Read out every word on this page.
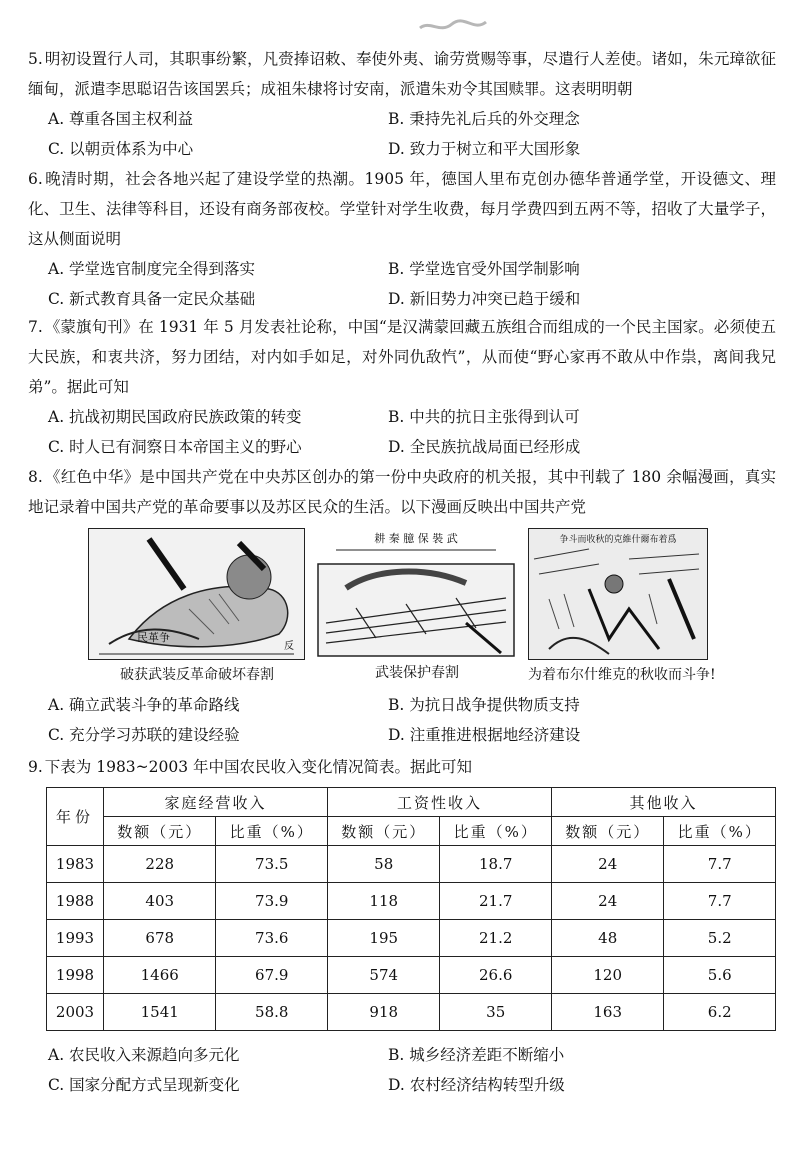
5. 明初设置行人司，其职事纷繁，凡赍捧诏敕、奉使外夷、谕劳赏赐等事，尽遣行人差使。诸如，朱元璋欲征缅甸，派遣李思聪诏告该国罢兵；成祖朱棣将讨安南，派遣朱劝令其国赎罪。这表明明朝

A. 尊重各国主权利益	B. 秉持先礼后兵的外交理念
C. 以朝贡体系为中心	D. 致力于树立和平大国形象

6. 晚清时期，社会各地兴起了建设学堂的热潮。1905 年，德国人里布克创办德华普通学堂，开设德文、理化、卫生、法律等科目，还设有商务部夜校。学堂针对学生收费，每月学费四到五两不等，招收了大量学子，这从侧面说明

A. 学堂选官制度完全得到落实	B. 学堂选官受外国学制影响
C. 新式教育具备一定民众基础	D. 新旧势力冲突已趋于缓和

7. 《蒙旗旬刊》在 1931 年 5 月发表社论称，中国“是汉满蒙回藏五族组合而组成的一个民主国家。必须使五大民族，和衷共济，努力团结，对内如手如足，对外同仇敌忾”，从而使“野心家再不敢从中作祟，离间我兄弟”。据此可知

A. 抗战初期民国政府民族政策的转变	B. 中共的抗日主张得到认可
C. 时人已有洞察日本帝国主义的野心	D. 全民族抗战局面已经形成

8. 《红色中华》是中国共产党在中央苏区创办的第一份中央政府的机关报，其中刊载了 180 余幅漫画，真实地记录着中国共产党的革命要事以及苏区民众的生活。以下漫画反映出中国共产党

民革争
反
破获武装反革命破坏春割
耕 秦 臆 保 裝 武
武装保护春割
争斗而收秋的克維什爾布着爲
为着布尔什维克的秋收而斗争!
A. 确立武装斗争的革命路线	B. 为抗日战争提供物质支持
C. 充分学习苏联的建设经验	D. 注重推进根据地经济建设

9. 下表为 1983~2003 年中国农民收入变化情况简表。据此可知

年份	家庭经营收入		工资性收入		其他收入	
	数额（元）	比重（%）	数额（元）	比重（%）	数额（元）	比重（%）
1983	228	73.5	58	18.7	24	7.7
1988	403	73.9	118	21.7	24	7.7
1993	678	73.6	195	21.2	48	5.2
1998	1466	67.9	574	26.6	120	5.6
2003	1541	58.8	918	35	163	6.2
A. 农民收入来源趋向多元化	B. 城乡经济差距不断缩小
C. 国家分配方式呈现新变化	D. 农村经济结构转型升级
